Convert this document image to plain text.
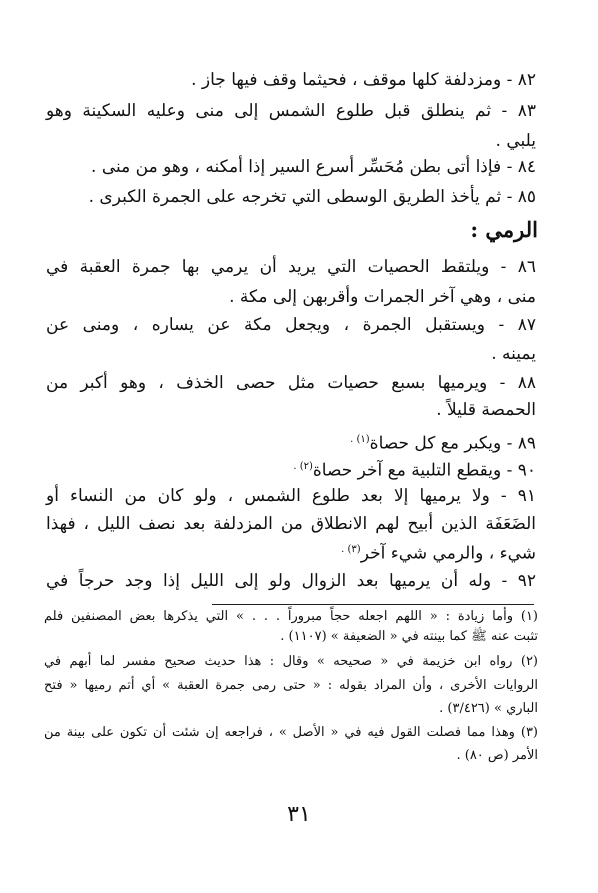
٨٢ - ومزدلفة كلها موقف ، فحيثما وقف فيها جاز .
٨٣ - ثم ينطلق قبل طلوع الشمس إلى منى وعليه السكينة وهو
يلبي .
٨٤ - فإذا أتى بطن مُحَسِّر أسرع السير إذا أمكنه ، وهو من منى .
٨٥ - ثم يأخذ الطريق الوسطى التي تخرجه على الجمرة الكبرى .
الرمي :
٨٦ - ويلتقط الحصيات التي يريد أن يرمي بها جمرة العقبة في
منى ، وهي آخر الجمرات وأقربهن إلى مكة .
٨٧ - ويستقبل الجمرة ، ويجعل مكة عن يساره ، ومنى عن
يمينه .
٨٨ - ويرميها بسبع حصيات مثل حصى الخذف ، وهو أكبر من
الحمصة قليلاً .
٨٩ - ويكبر مع كل حصاة$^{(١) .}$
٩٠ - ويقطع التلبية مع آخر حصاة$^{(٢) .}$
٩١ - ولا يرميها إلا بعد طلوع الشمس ، ولو كان من النساء أو
الضَعَفَة الذين أبيح لهم الانطلاق من المزدلفة بعد نصف الليل ، فهذا
شيء ، والرمي شيء آخر$^{(٣) .}$
٩٢ - وله أن يرميها بعد الزوال ولو إلى الليل إذا وجد حرجاً في
(١) وأما زيادة : « اللهم اجعله حجاً مبروراً . . . » التي يذكرها بعض المصنفين فلم
تثبت عنه ﷺ كما بينته في « الضعيفة » (١١٠٧) .
(٢) رواه ابن خزيمة في « صحيحه » وقال : هذا حديث صحيح مفسر لما أبهم في
الروايات الأخرى ، وأن المراد بقوله : « حتى رمى جمرة العقبة » أي أتم رميها « فتح
الباري » (٣/٤٢٦) .
(٣) وهذا مما فصلت القول فيه في « الأصل » ، فراجعه إن شئت أن تكون على بينة من
الأمر (ص ٨٠) .
٣١
